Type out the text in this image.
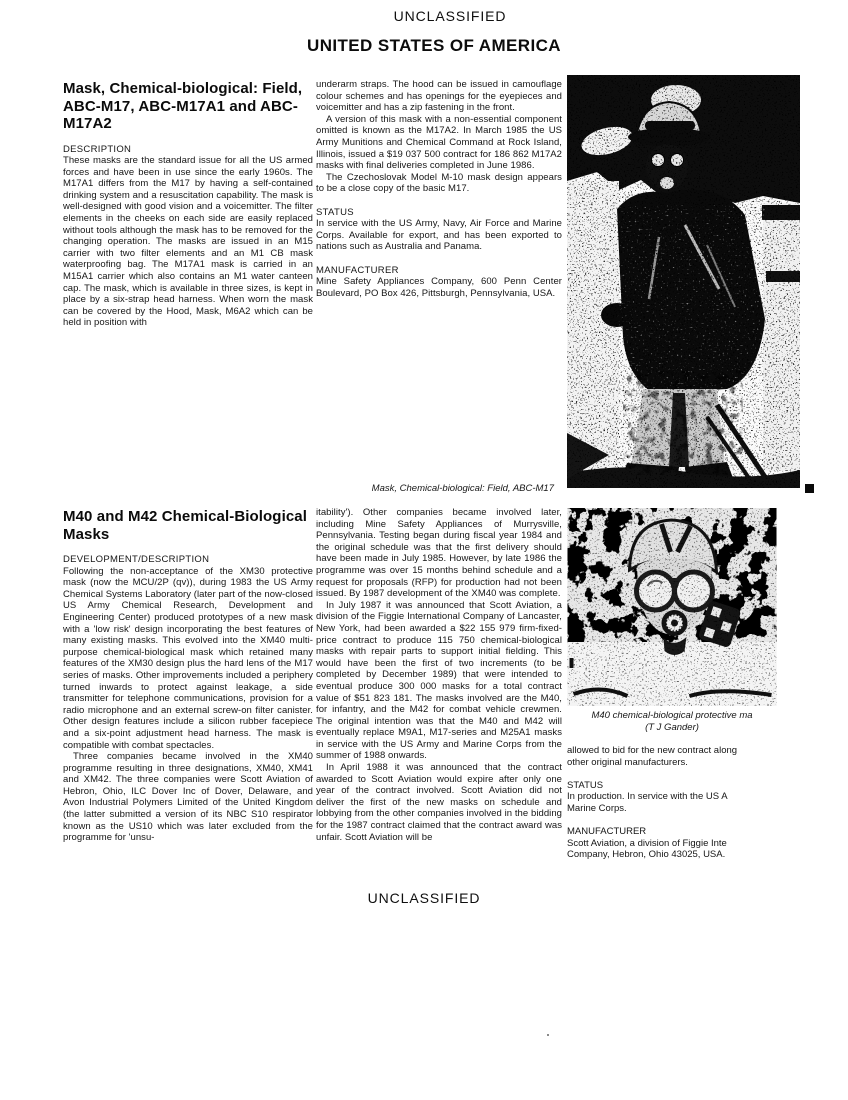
UNCLASSIFIED
UNITED STATES OF AMERICA
Mask, Chemical-biological: Field, ABC-M17, ABC-M17A1 and ABC-M17A2
DESCRIPTION

These masks are the standard issue for all the US armed forces and have been in use since the early 1960s. The M17A1 differs from the M17 by having a self-contained drinking system and a resuscitation capability. The mask is well-designed with good vision and a voicemitter. The filter elements in the cheeks on each side are easily replaced without tools although the mask has to be removed for the changing operation. The masks are issued in an M15 carrier with two filter elements and an M1 CB mask waterproofing bag. The M17A1 mask is carried in an M15A1 carrier which also contains an M1 water canteen cap. The mask, which is available in three sizes, is kept in place by a six-strap head harness. When worn the mask can be covered by the Hood, Mask, M6A2 which can be held in position with

underarm straps. The hood can be issued in camouflage colour schemes and has openings for the eyepieces and voicemitter and has a zip fastening in the front.

A version of this mask with a non-essential component omitted is known as the M17A2. In March 1985 the US Army Munitions and Chemical Command at Rock Island, Illinois, issued a $19 037 500 contract for 186 862 M17A2 masks with final deliveries completed in June 1986.

The Czechoslovak Model M-10 mask design appears to be a close copy of the basic M17.

STATUS

In service with the US Army, Navy, Air Force and Marine Corps. Available for export, and has been exported to nations such as Australia and Panama.

MANUFACTURER

Mine Safety Appliances Company, 600 Penn Center Boulevard, PO Box 426, Pittsburgh, Pennsylvania, USA.

Mask, Chemical-biological: Field, ABC-M17
M40 and M42 Chemical-Biological Masks
DEVELOPMENT/DESCRIPTION

Following the non-acceptance of the XM30 protective mask (now the MCU/2P (qv)), during 1983 the US Army Chemical Systems Laboratory (later part of the now-closed US Army Chemical Research, Development and Engineering Center) produced prototypes of a new mask with a 'low risk' design incorporating the best features of many existing masks. This evolved into the XM40 multi-purpose chemical-biological mask which retained many features of the XM30 design plus the hard lens of the M17 series of masks. Other improvements included a periphery turned inwards to protect against leakage, a side transmitter for telephone communications, provision for a radio microphone and an external screw-on filter canister. Other design features include a silicon rubber facepiece and a six-point adjustment head harness. The mask is compatible with combat spectacles.

Three companies became involved in the XM40 programme resulting in three designations, XM40, XM41 and XM42. The three companies were Scott Aviation of Hebron, Ohio, ILC Dover Inc of Dover, Delaware, and Avon Industrial Polymers Limited of the United Kingdom (the latter submitted a version of its NBC S10 respirator known as the US10 which was later excluded from the programme for 'unsu-

itability'). Other companies became involved later, including Mine Safety Appliances of Murrysville, Pennsylvania. Testing began during fiscal year 1984 and the original schedule was that the first delivery should have been made in July 1985. However, by late 1986 the programme was over 15 months behind schedule and a request for proposals (RFP) for production had not been issued. By 1987 development of the XM40 was complete.

In July 1987 it was announced that Scott Aviation, a division of the Figgie International Company of Lancaster, New York, had been awarded a $22 155 979 firm-fixed-price contract to produce 115 750 chemical-biological masks with repair parts to support initial fielding. This would have been the first of two increments (to be completed by December 1989) that were intended to eventual produce 300 000 masks for a total contract value of $51 823 181. The masks involved are the M40, for infantry, and the M42 for combat vehicle crewmen. The original intention was that the M40 and M42 will eventually replace M9A1, M17-series and M25A1 masks in service with the US Army and Marine Corps from the summer of 1988 onwards.

In April 1988 it was announced that the contract awarded to Scott Aviation would expire after only one year of the contract involved. Scott Aviation did not deliver the first of the new masks on schedule and lobbying from the other companies involved in the bidding for the 1987 contract claimed that the contract award was unfair. Scott Aviation will be

M40 chemical-biological protective ma
(T J Gander)
allowed to bid for the new contract along
other original manufacturers.
STATUS
In production. In service with the US A
Marine Corps.
MANUFACTURER
Scott Aviation, a division of Figgie Inte
Company, Hebron, Ohio 43025, USA.
UNCLASSIFIED
